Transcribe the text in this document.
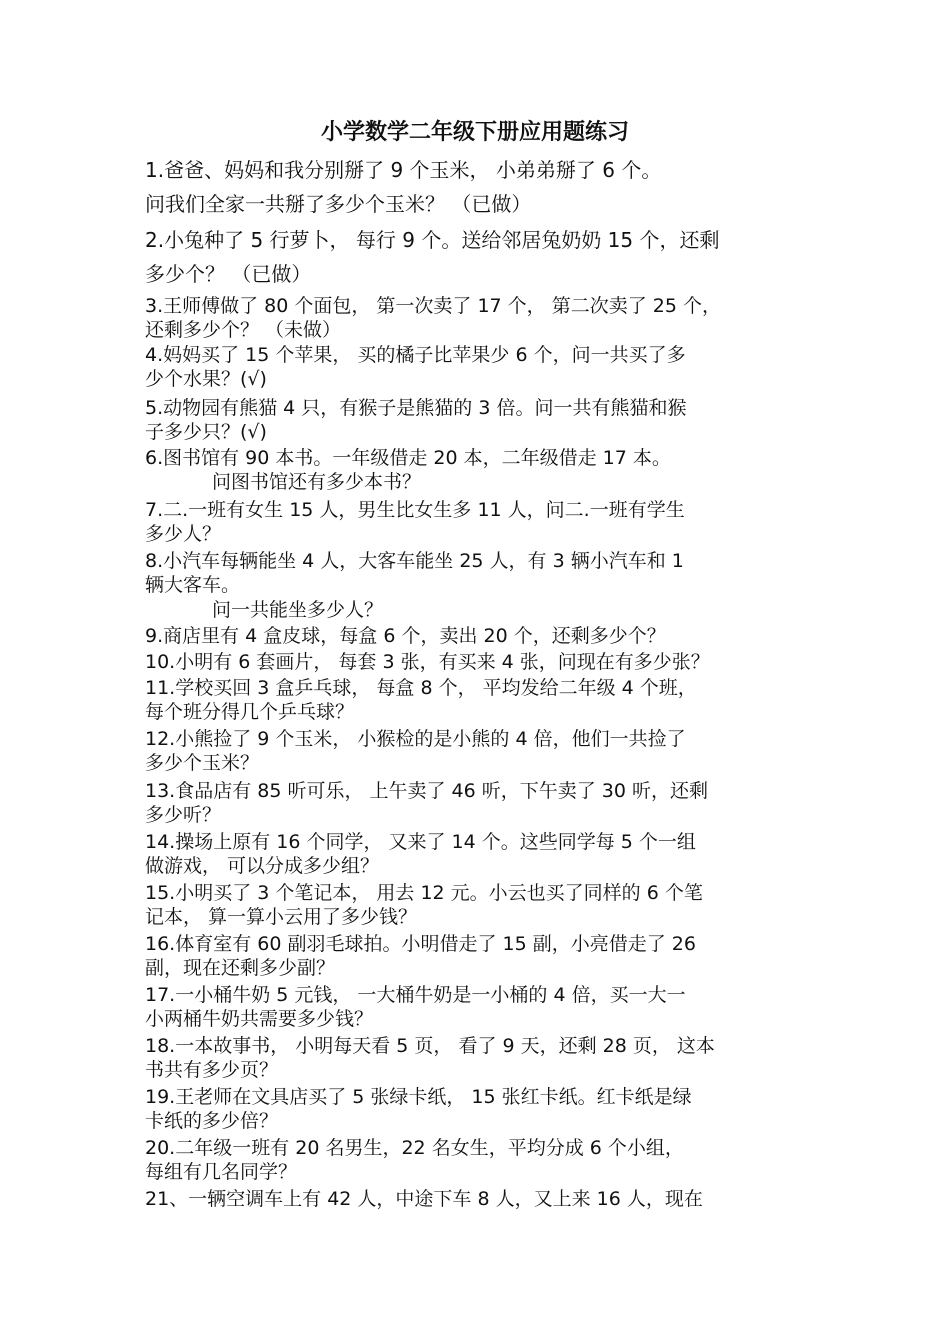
小学数学二年级下册应用题练习
1.爸爸、妈妈和我分别掰了 9 个玉米， 小弟弟掰了 6 个。
问我们全家一共掰了多少个玉米？ （已做）
2.小兔种了 5 行萝卜， 每行 9 个。送给邻居兔奶奶 15 个，还剩
多少个？ （已做）
3.王师傅做了 80 个面包， 第一次卖了 17 个， 第二次卖了 25 个，
还剩多少个？ （未做）
4.妈妈买了 15 个苹果， 买的橘子比苹果少 6 个，问一共买了多
少个水果？(√)
5.动物园有熊猫 4 只，有猴子是熊猫的 3 倍。问一共有熊猫和猴
子多少只？(√)
6.图书馆有 90 本书。一年级借走 20 本，二年级借走 17 本。
问图书馆还有多少本书？
7.二.一班有女生 15 人，男生比女生多 11 人，问二.一班有学生
多少人？
8.小汽车每辆能坐 4 人，大客车能坐 25 人，有 3 辆小汽车和 1
辆大客车。
问一共能坐多少人？
9.商店里有 4 盒皮球，每盒 6 个，卖出 20 个，还剩多少个？
10.小明有 6 套画片， 每套 3 张，有买来 4 张，问现在有多少张？
11.学校买回 3 盒乒乓球， 每盒 8 个， 平均发给二年级 4 个班，
每个班分得几个乒乓球？
12.小熊捡了 9 个玉米， 小猴检的是小熊的 4 倍，他们一共捡了
多少个玉米？
13.食品店有 85 听可乐， 上午卖了 46 听，下午卖了 30 听，还剩
多少听？
14.操场上原有 16 个同学， 又来了 14 个。这些同学每 5 个一组
做游戏， 可以分成多少组？
15.小明买了 3 个笔记本， 用去 12 元。小云也买了同样的 6 个笔
记本， 算一算小云用了多少钱？
16.体育室有 60 副羽毛球拍。小明借走了 15 副，小亮借走了 26
副，现在还剩多少副？
17.一小桶牛奶 5 元钱， 一大桶牛奶是一小桶的 4 倍，买一大一
小两桶牛奶共需要多少钱？
18.一本故事书， 小明每天看 5 页， 看了 9 天，还剩 28 页， 这本
书共有多少页？
19.王老师在文具店买了 5 张绿卡纸， 15 张红卡纸。红卡纸是绿
卡纸的多少倍？
20.二年级一班有 20 名男生，22 名女生，平均分成 6 个小组，
每组有几名同学？
21、一辆空调车上有 42 人，中途下车 8 人，又上来 16 人，现在
